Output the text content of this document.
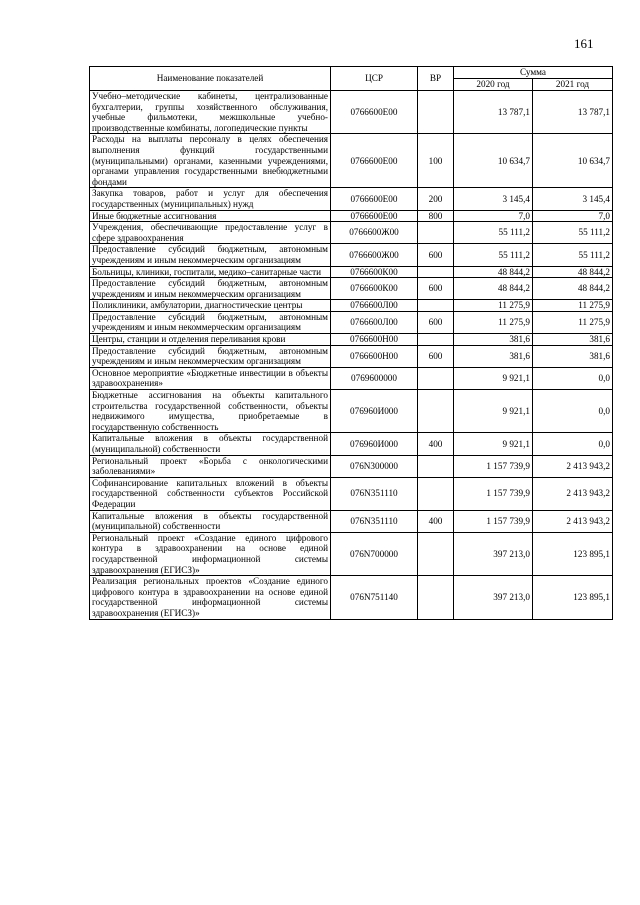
161
Наименование показателей	ЦСР	ВР	Сумма	
			2020 год	2021 год
Учебно–методические кабинеты, централизованные бухгалтерии, группы хозяйственного обслуживания, учебные фильмотеки, межшкольные учебно-производственные комбинаты, логопедические пункты	0766600Е00		13 787,1	13 787,1
Расходы на выплаты персоналу в целях обеспечения выполнения функций государственными (муниципальными) органами, казенными учреждениями, органами управления государственными внебюджетными фондами	0766600Е00	100	10 634,7	10 634,7
Закупка товаров, работ и услуг для обеспечения государственных (муниципальных) нужд	0766600Е00	200	3 145,4	3 145,4
Иные бюджетные ассигнования	0766600Е00	800	7,0	7,0
Учреждения, обеспечивающие предоставление услуг в сфере здравоохранения	0766600Ж00		55 111,2	55 111,2
Предоставление субсидий бюджетным, автономным учреждениям и иным некоммерческим организациям	0766600Ж00	600	55 111,2	55 111,2
Больницы, клиники, госпитали, медико–санитарные части	0766600К00		48 844,2	48 844,2
Предоставление субсидий бюджетным, автономным учреждениям и иным некоммерческим организациям	0766600К00	600	48 844,2	48 844,2
Поликлиники, амбулатории, диагностические центры	0766600Л00		11 275,9	11 275,9
Предоставление субсидий бюджетным, автономным учреждениям и иным некоммерческим организациям	0766600Л00	600	11 275,9	11 275,9
Центры, станции и отделения переливания крови	0766600Н00		381,6	381,6
Предоставление субсидий бюджетным, автономным учреждениям и иным некоммерческим организациям	0766600Н00	600	381,6	381,6
Основное мероприятие «Бюджетные инвестиции в объекты здравоохранения»	0769600000		9 921,1	0,0
Бюджетные ассигнования на объекты капитального строительства государственной собственности, объекты недвижимого имущества, приобретаемые в государственную собственность	076960И000		9 921,1	0,0
Капитальные вложения в объекты государственной (муниципальной) собственности	076960И000	400	9 921,1	0,0
Региональный проект «Борьба с онкологическими заболеваниями»	076N300000		1 157 739,9	2 413 943,2
Софинансирование капитальных вложений в объекты государственной собственности субъектов Российской Федерации	076N351110		1 157 739,9	2 413 943,2
Капитальные вложения в объекты государственной (муниципальной) собственности	076N351110	400	1 157 739,9	2 413 943,2
Региональный проект «Создание единого цифрового контура в здравоохранении на основе единой государственной информационной системы здравоохранения (ЕГИСЗ)»	076N700000		397 213,0	123 895,1
Реализация региональных проектов «Создание единого цифрового контура в здравоохранении на основе единой государственной информационной системы здравоохранения (ЕГИСЗ)»	076N751140		397 213,0	123 895,1
